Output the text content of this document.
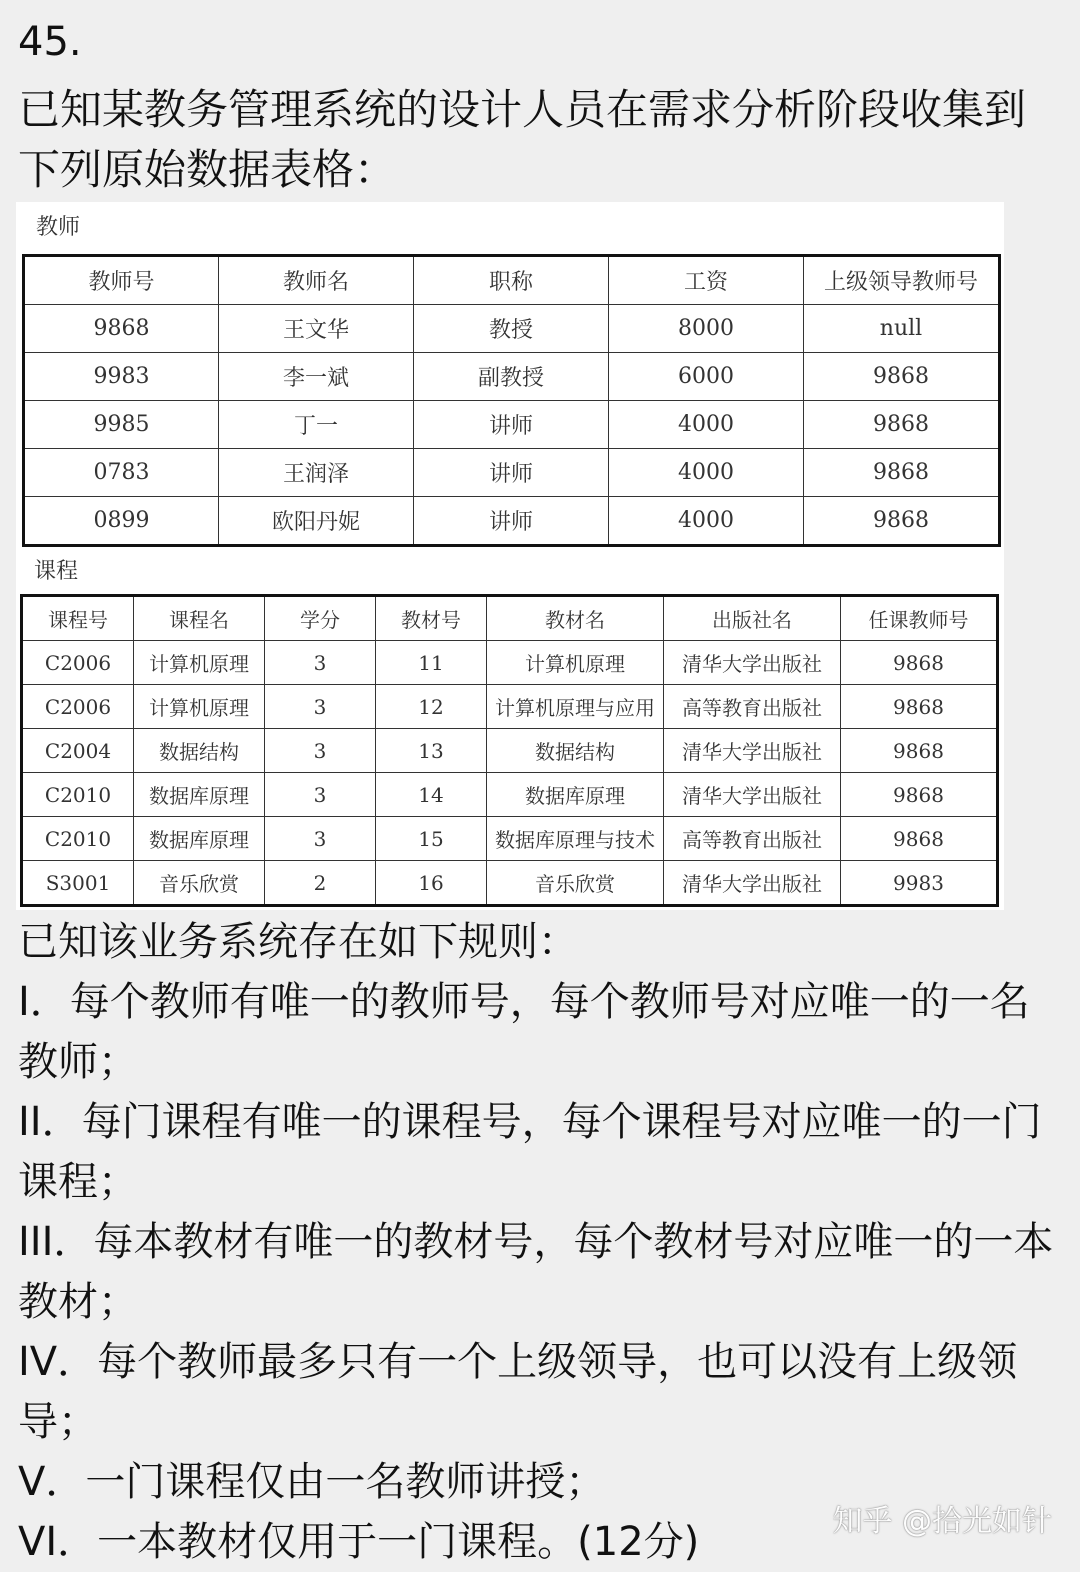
45.
已知某教务管理系统的设计人员在需求分析阶段收集到下列原始数据表格：
教师
教师号	教师名	职称	工资	上级领导教师号
9868	王文华	教授	8000	null
9983	李一斌	副教授	6000	9868
9985	丁一	讲师	4000	9868
0783	王润泽	讲师	4000	9868
0899	欧阳丹妮	讲师	4000	9868
课程
课程号	课程名	学分	教材号	教材名	出版社名	任课教师号
C2006	计算机原理	3	11	计算机原理	清华大学出版社	9868
C2006	计算机原理	3	12	计算机原理与应用	高等教育出版社	9868
C2004	数据结构	3	13	数据结构	清华大学出版社	9868
C2010	数据库原理	3	14	数据库原理	清华大学出版社	9868
C2010	数据库原理	3	15	数据库原理与技术	高等教育出版社	9868
S3001	音乐欣赏	2	16	音乐欣赏	清华大学出版社	9983

已知该业务系统存在如下规则：

I．每个教师有唯一的教师号，每个教师号对应唯一的一名教师；

II．每门课程有唯一的课程号，每个课程号对应唯一的一门课程；

III．每本教材有唯一的教材号，每个教材号对应唯一的一本教材；

IV．每个教师最多只有一个上级领导，也可以没有上级领导；

V．一门课程仅由一名教师讲授；

VI．一本教材仅用于一门课程。(12分)	知乎 @拾光如针
